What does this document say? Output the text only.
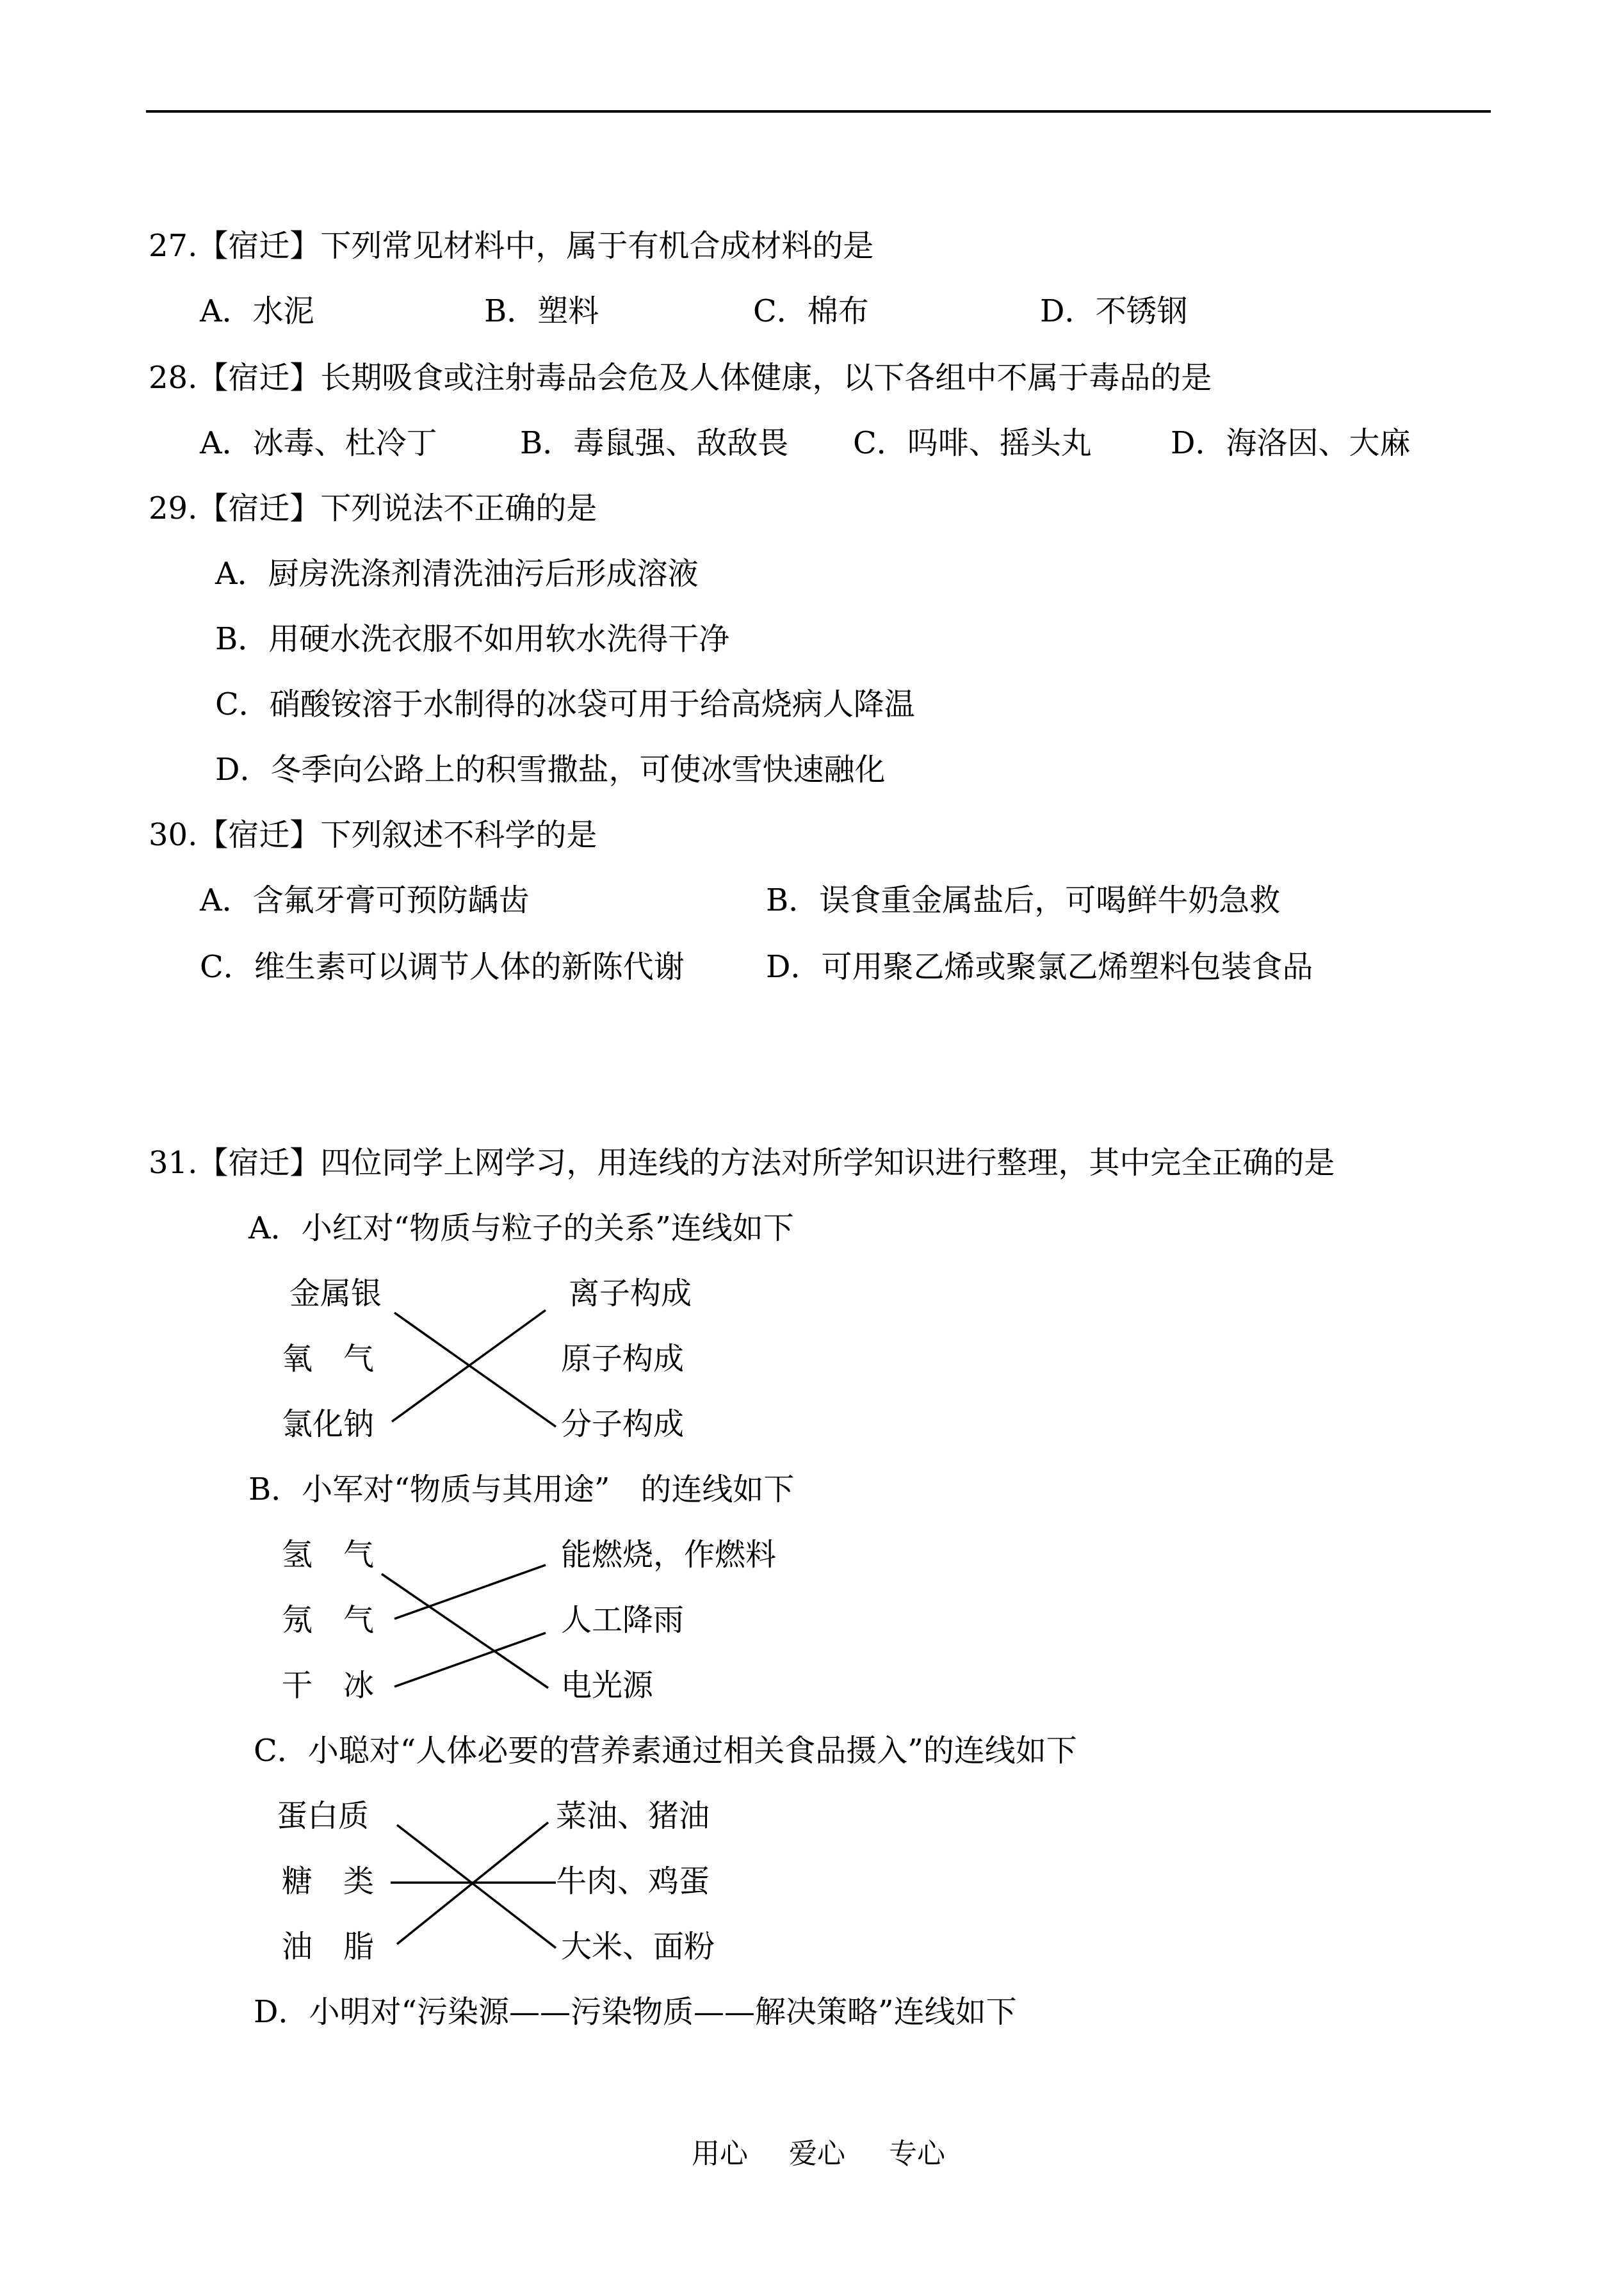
27.【宿迁】下列常见材料中，属于有机合成材料的是
A．水泥	B．塑料	C．棉布	D．不锈钢
28.【宿迁】长期吸食或注射毒品会危及人体健康，以下各组中不属于毒品的是
A．冰毒、杜冷丁	B．毒鼠强、敌敌畏 C．吗啡、摇头丸	D．海洛因、大麻
29.【宿迁】下列说法不正确的是
A．厨房洗涤剂清洗油污后形成溶液
B．用硬水洗衣服不如用软水洗得干净
C．硝酸铵溶于水制得的冰袋可用于给高烧病人降温
D．冬季向公路上的积雪撒盐，可使冰雪快速融化
30.【宿迁】下列叙述不科学的是
A．含氟牙膏可预防龋齿	B．误食重金属盐后，可喝鲜牛奶急救
C．维生素可以调节人体的新陈代谢	D．可用聚乙烯或聚氯乙烯塑料包装食品
31.【宿迁】四位同学上网学习，用连线的方法对所学知识进行整理，其中完全正确的是
A．小红对“物质与粒子的关系”连线如下
金属银
氧　气
氯化钠
离子构成
原子构成
分子构成
B．小军对“物质与其用途”　的连线如下
氢　气
氖　气
干　冰
能燃烧，作燃料
人工降雨
电光源
C．小聪对“人体必要的营养素通过相关食品摄入”的连线如下
蛋白质
糖　类
油　脂
菜油、猪油
牛肉、鸡蛋
大米、面粉
D．小明对“污染源——污染物质——解决策略”连线如下
用心 爱心 专心
